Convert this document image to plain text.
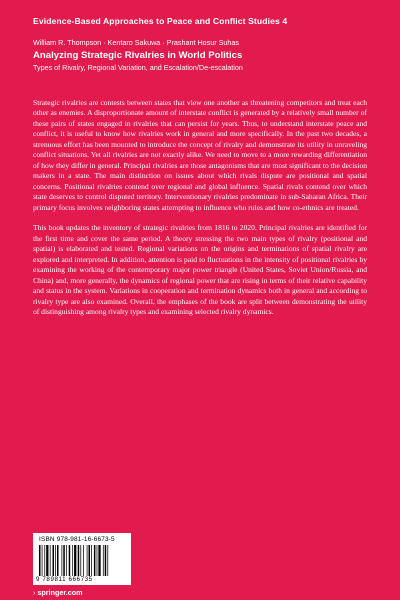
Evidence-Based Approaches to Peace and Conflict Studies 4

William R. Thompson · Kentaro Sakuwa · Prashant Hosur Suhas

Analyzing Strategic Rivalries in World Politics

Types of Rivalry, Regional Variation, and Escalation/De-escalation

Strategic rivalries are contests between states that view one another as threatening competitors and treat each other as enemies. A disproportionate amount of interstate conflict is generated by a relatively small number of these pairs of states engaged in rivalries that can persist for years. Thus, to understand interstate peace and conflict, it is useful to know how rivalries work in general and more specifically. In the past two decades, a strenuous effort has been mounted to introduce the concept of rivalry and demonstrate its utility in unraveling conflict situations. Yet all rivalries are not exactly alike. We need to move to a more rewarding differentiation of how they differ in general. Principal rivalries are those antagonisms that are most significant to the decision makers in a state. The main distinction on issues about which rivals dispute are positional and spatial concerns. Positional rivalries contend over regional and global influence. Spatial rivals contend over which state deserves to control disputed territory. Interventionary rivalries predominate in sub-Saharan Africa. Their primary focus involves neighboring states attempting to influence who rules and how co-ethnics are treated.

This book updates the inventory of strategic rivalries from 1816 to 2020. Principal rivalries are identified for the first time and cover the same period. A theory stressing the two main types of rivalry (positional and spatial) is elaborated and tested. Regional variations on the origins and terminations of spatial rivalry are explored and interpreted. In addition, attention is paid to fluctuations in the intensity of positional rivalries by examining the working of the contemporary major power triangle (United States, Soviet Union/Russia, and China) and, more generally, the dynamics of regional power that are rising in terms of their relative capability and status in the system. Variations in cooperation and termination dynamics both in general and according to rivalry type are also examined. Overall, the emphases of the book are split between demonstrating the utility of distinguishing among rivalry types and examining selected rivalry dynamics.

ISBN 978-981-16-6673-5
9 789811 666735
› springer.com
